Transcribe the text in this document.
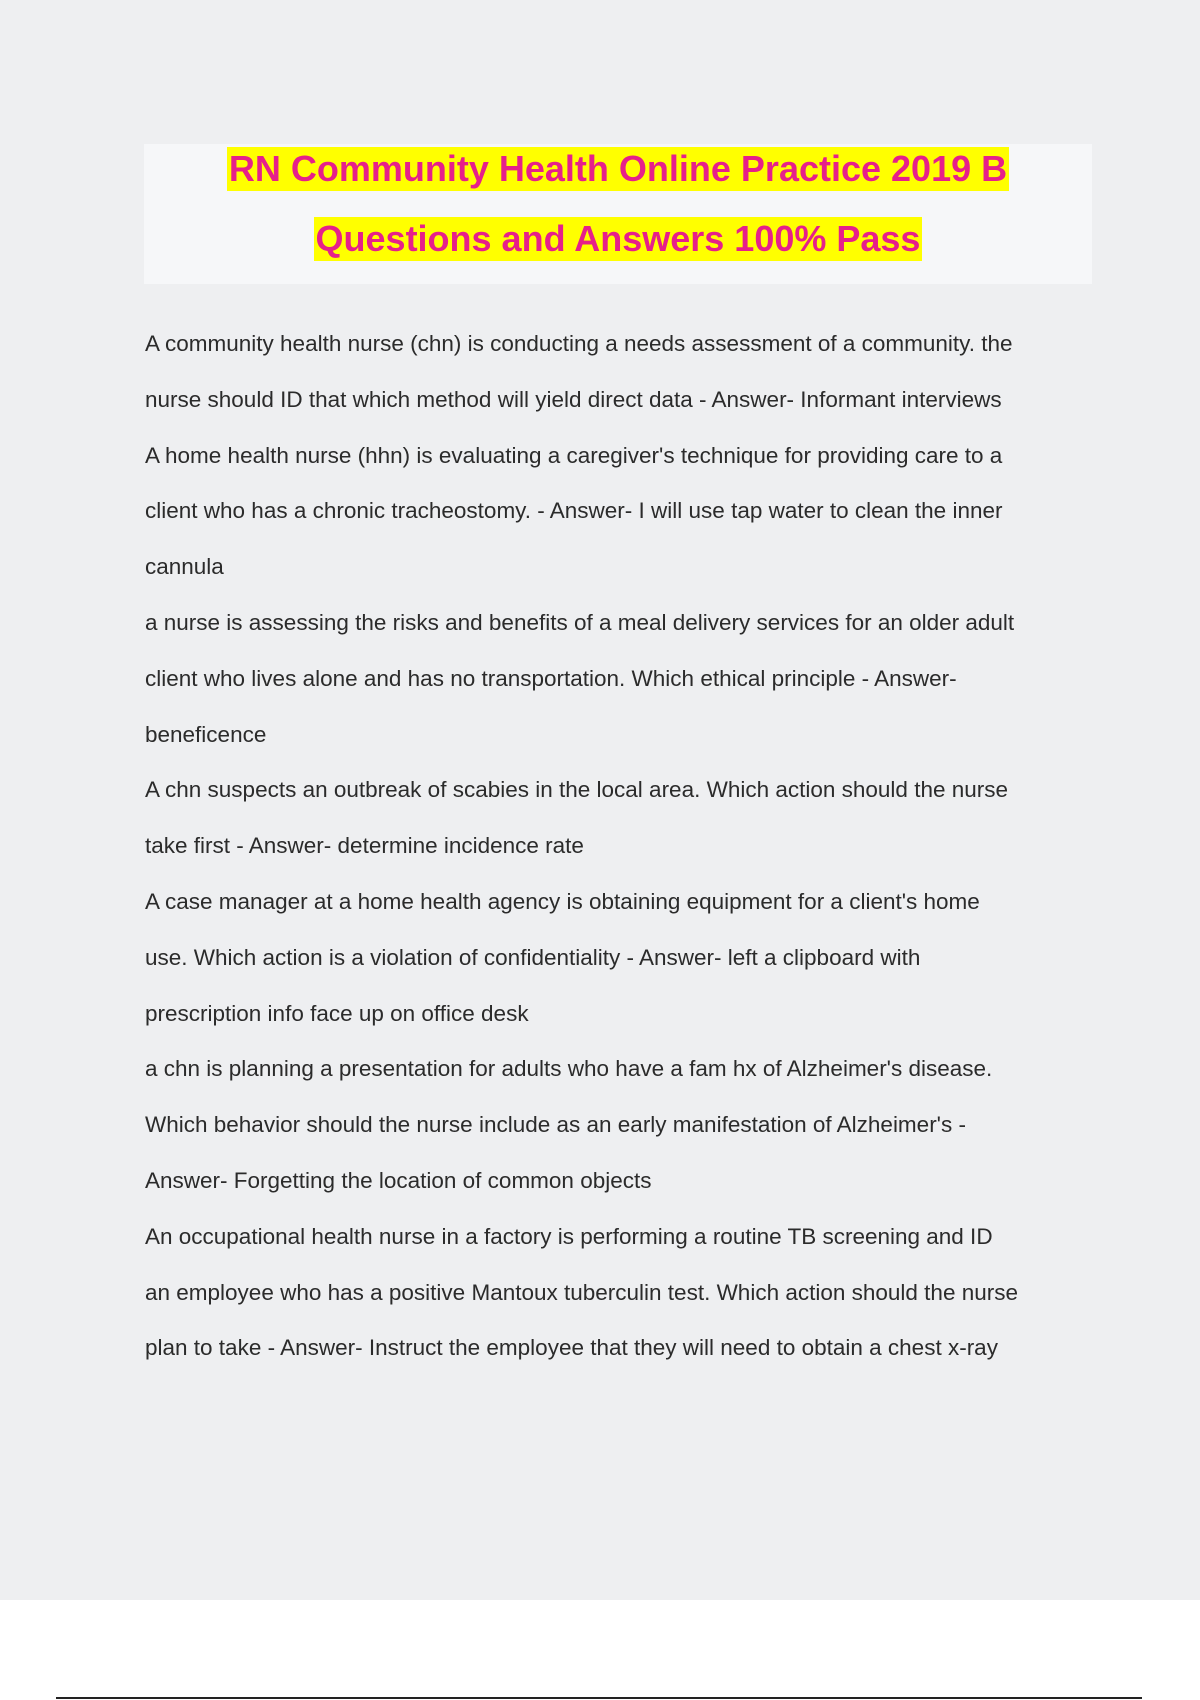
RN Community Health Online Practice 2019 B
Questions and Answers 100% Pass
A community health nurse (chn) is conducting a needs assessment of a community. the
nurse should ID that which method will yield direct data - Answer- Informant interviews
A home health nurse (hhn) is evaluating a caregiver's technique for providing care to a
client who has a chronic tracheostomy. - Answer- I will use tap water to clean the inner
cannula
a nurse is assessing the risks and benefits of a meal delivery services for an older adult
client who lives alone and has no transportation. Which ethical principle - Answer-
beneficence
A chn suspects an outbreak of scabies in the local area. Which action should the nurse
take first - Answer- determine incidence rate
A case manager at a home health agency is obtaining equipment for a client's home
use. Which action is a violation of confidentiality - Answer- left a clipboard with
prescription info face up on office desk
a chn is planning a presentation for adults who have a fam hx of Alzheimer's disease.
Which behavior should the nurse include as an early manifestation of Alzheimer's -
Answer- Forgetting the location of common objects
An occupational health nurse in a factory is performing a routine TB screening and ID
an employee who has a positive Mantoux tuberculin test. Which action should the nurse
plan to take - Answer- Instruct the employee that they will need to obtain a chest x-ray
